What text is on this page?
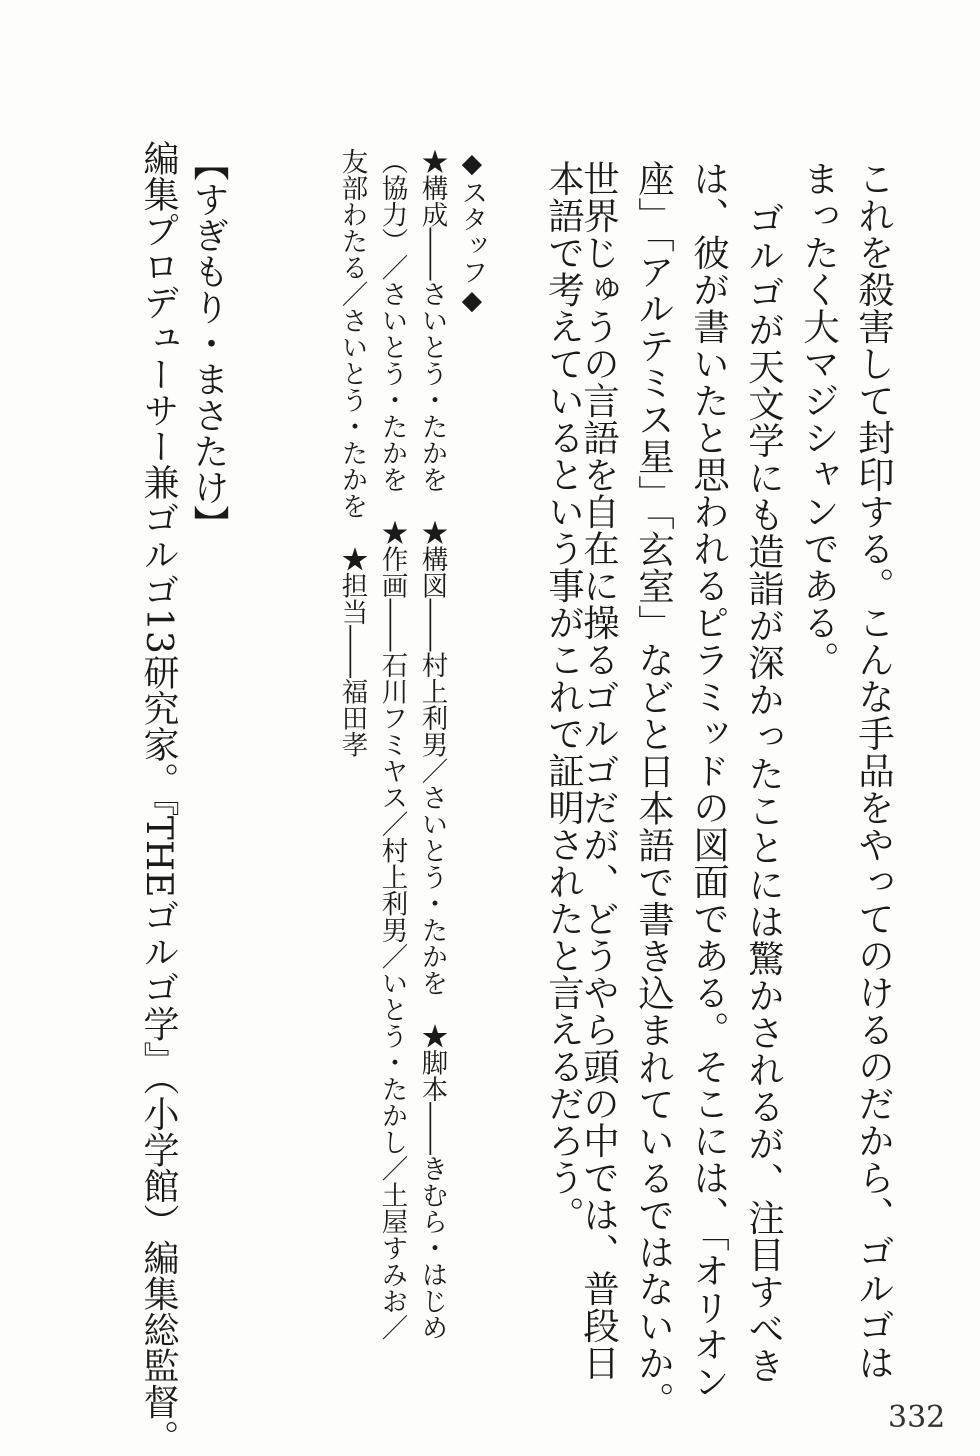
これを殺害して封印する。こんな手品をやってのけるのだから、ゴルゴは
まったく大マジシャンである。
ゴルゴが天文学にも造詣が深かったことには驚かされるが、注目すべき
は、彼が書いたと思われるピラミッドの図面である。そこには、「オリオン
座」「アルテミス星」「玄室」などと日本語で書き込まれているではないか。
世界じゅうの言語を自在に操るゴルゴだが、どうやら頭の中では、普段日
本語で考えているという事がこれで証明されたと言えるだろう。
◆スタッフ◆
★構成――さいとう・たかを　★構図――村上利男／さいとう・たかを　★脚本――きむら・はじめ
（協力）／さいとう・たかを　★作画――石川フミヤス／村上利男／いとう・たかし／土屋すみお／
友部わたる／さいとう・たかを　★担当――福田孝
【すぎもり・まさたけ】
編集プロデューサー兼ゴルゴ13研究家。『THEゴルゴ学』（小学館）編集総監督。	332
